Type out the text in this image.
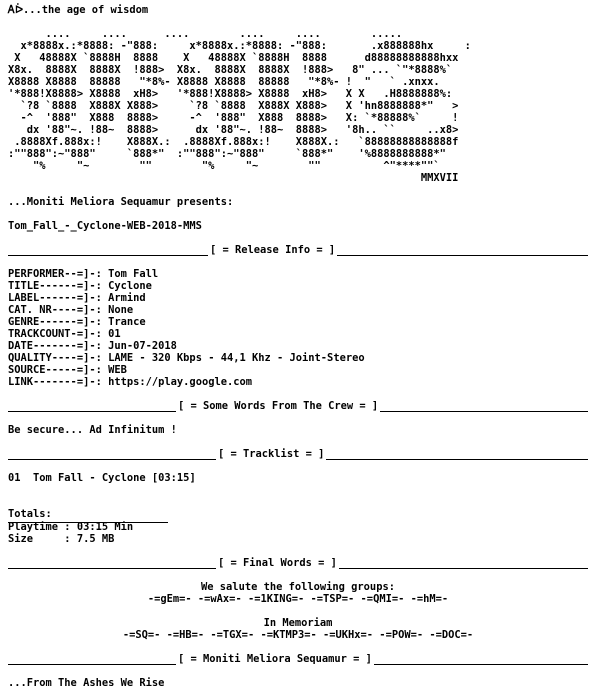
Ꭺᐆ...the age of wisdom
....     ....      ....        ....     ....        .....
x*8888x.:*8888: -"888:     x*8888x.:*8888: -"888:       .x888888hx     :
X   48888X `8888H  8888    X   48888X `8888H  8888      d88888888888hxx
X8x.  8888X  8888X  !888>  X8x.  8888X  8888X  !888>   8" ... `"*8888%`
X8888 X8888  88888   "*8%- X8888 X8888  88888   "*8%- !  "   ` .xnxx.
'*888!X8888> X8888  xH8>   '*888!X8888> X8888  xH8>   X X   .H8888888%:
`?8 `8888  X888X X888>     `?8 `8888  X888X X888>   X 'hn8888888*"   >
-^  '888"  X888  8888>     -^  '888"  X888  8888>   X: `*88888%`     !
dx '88"~. !88~  8888>      dx '88"~. !88~  8888>   '8h.. ``     ..x8>
.8888Xf.888x:!    X888X.:  .8888Xf.888x:!    X888X.:   `88888888888888f
:""888":~"888"     `888*"  :""888":~"888"     `888*"    '%8888888888*"
"%     "~        ""        "%     "~        ""          ^"****""`
MMXVII
...Moniti Meliora Sequamur presents:
Tom_Fall_-_Cyclone-WEB-2018-MMS
[ = Release Info = ]
PERFORMER--=]-: Tom Fall
TITLE------=]-: Cyclone
LABEL------=]-: Armind
CAT. NR----=]-: None
GENRE------=]-: Trance
TRACKCOUNT-=]-: 01
DATE-------=]-: Jun-07-2018
QUALITY----=]-: LAME - 320 Kbps - 44,1 Khz - Joint-Stereo
SOURCE-----=]-: WEB
LINK-------=]-: https://play.google.com
[ = Some Words From The Crew = ]
Be secure... Ad Infinitum !
[ = Tracklist = ]
01 Tom Fall - Cyclone [03:15]
Totals:
Playtime : 03:15 Min
Size     : 7.5 MB
[ = Final Words = ]
We salute the following groups:
-=gEm=- -=wAx=- -=1KING=- -=TSP=- -=QMI=- -=hM=-
In Memoriam
-=SQ=- -=HB=- -=TGX=- -=KTMP3=- -=UKHx=- -=POW=- -=DOC=-
[ = Moniti Meliora Sequamur = ]
...From The Ashes We Rise
